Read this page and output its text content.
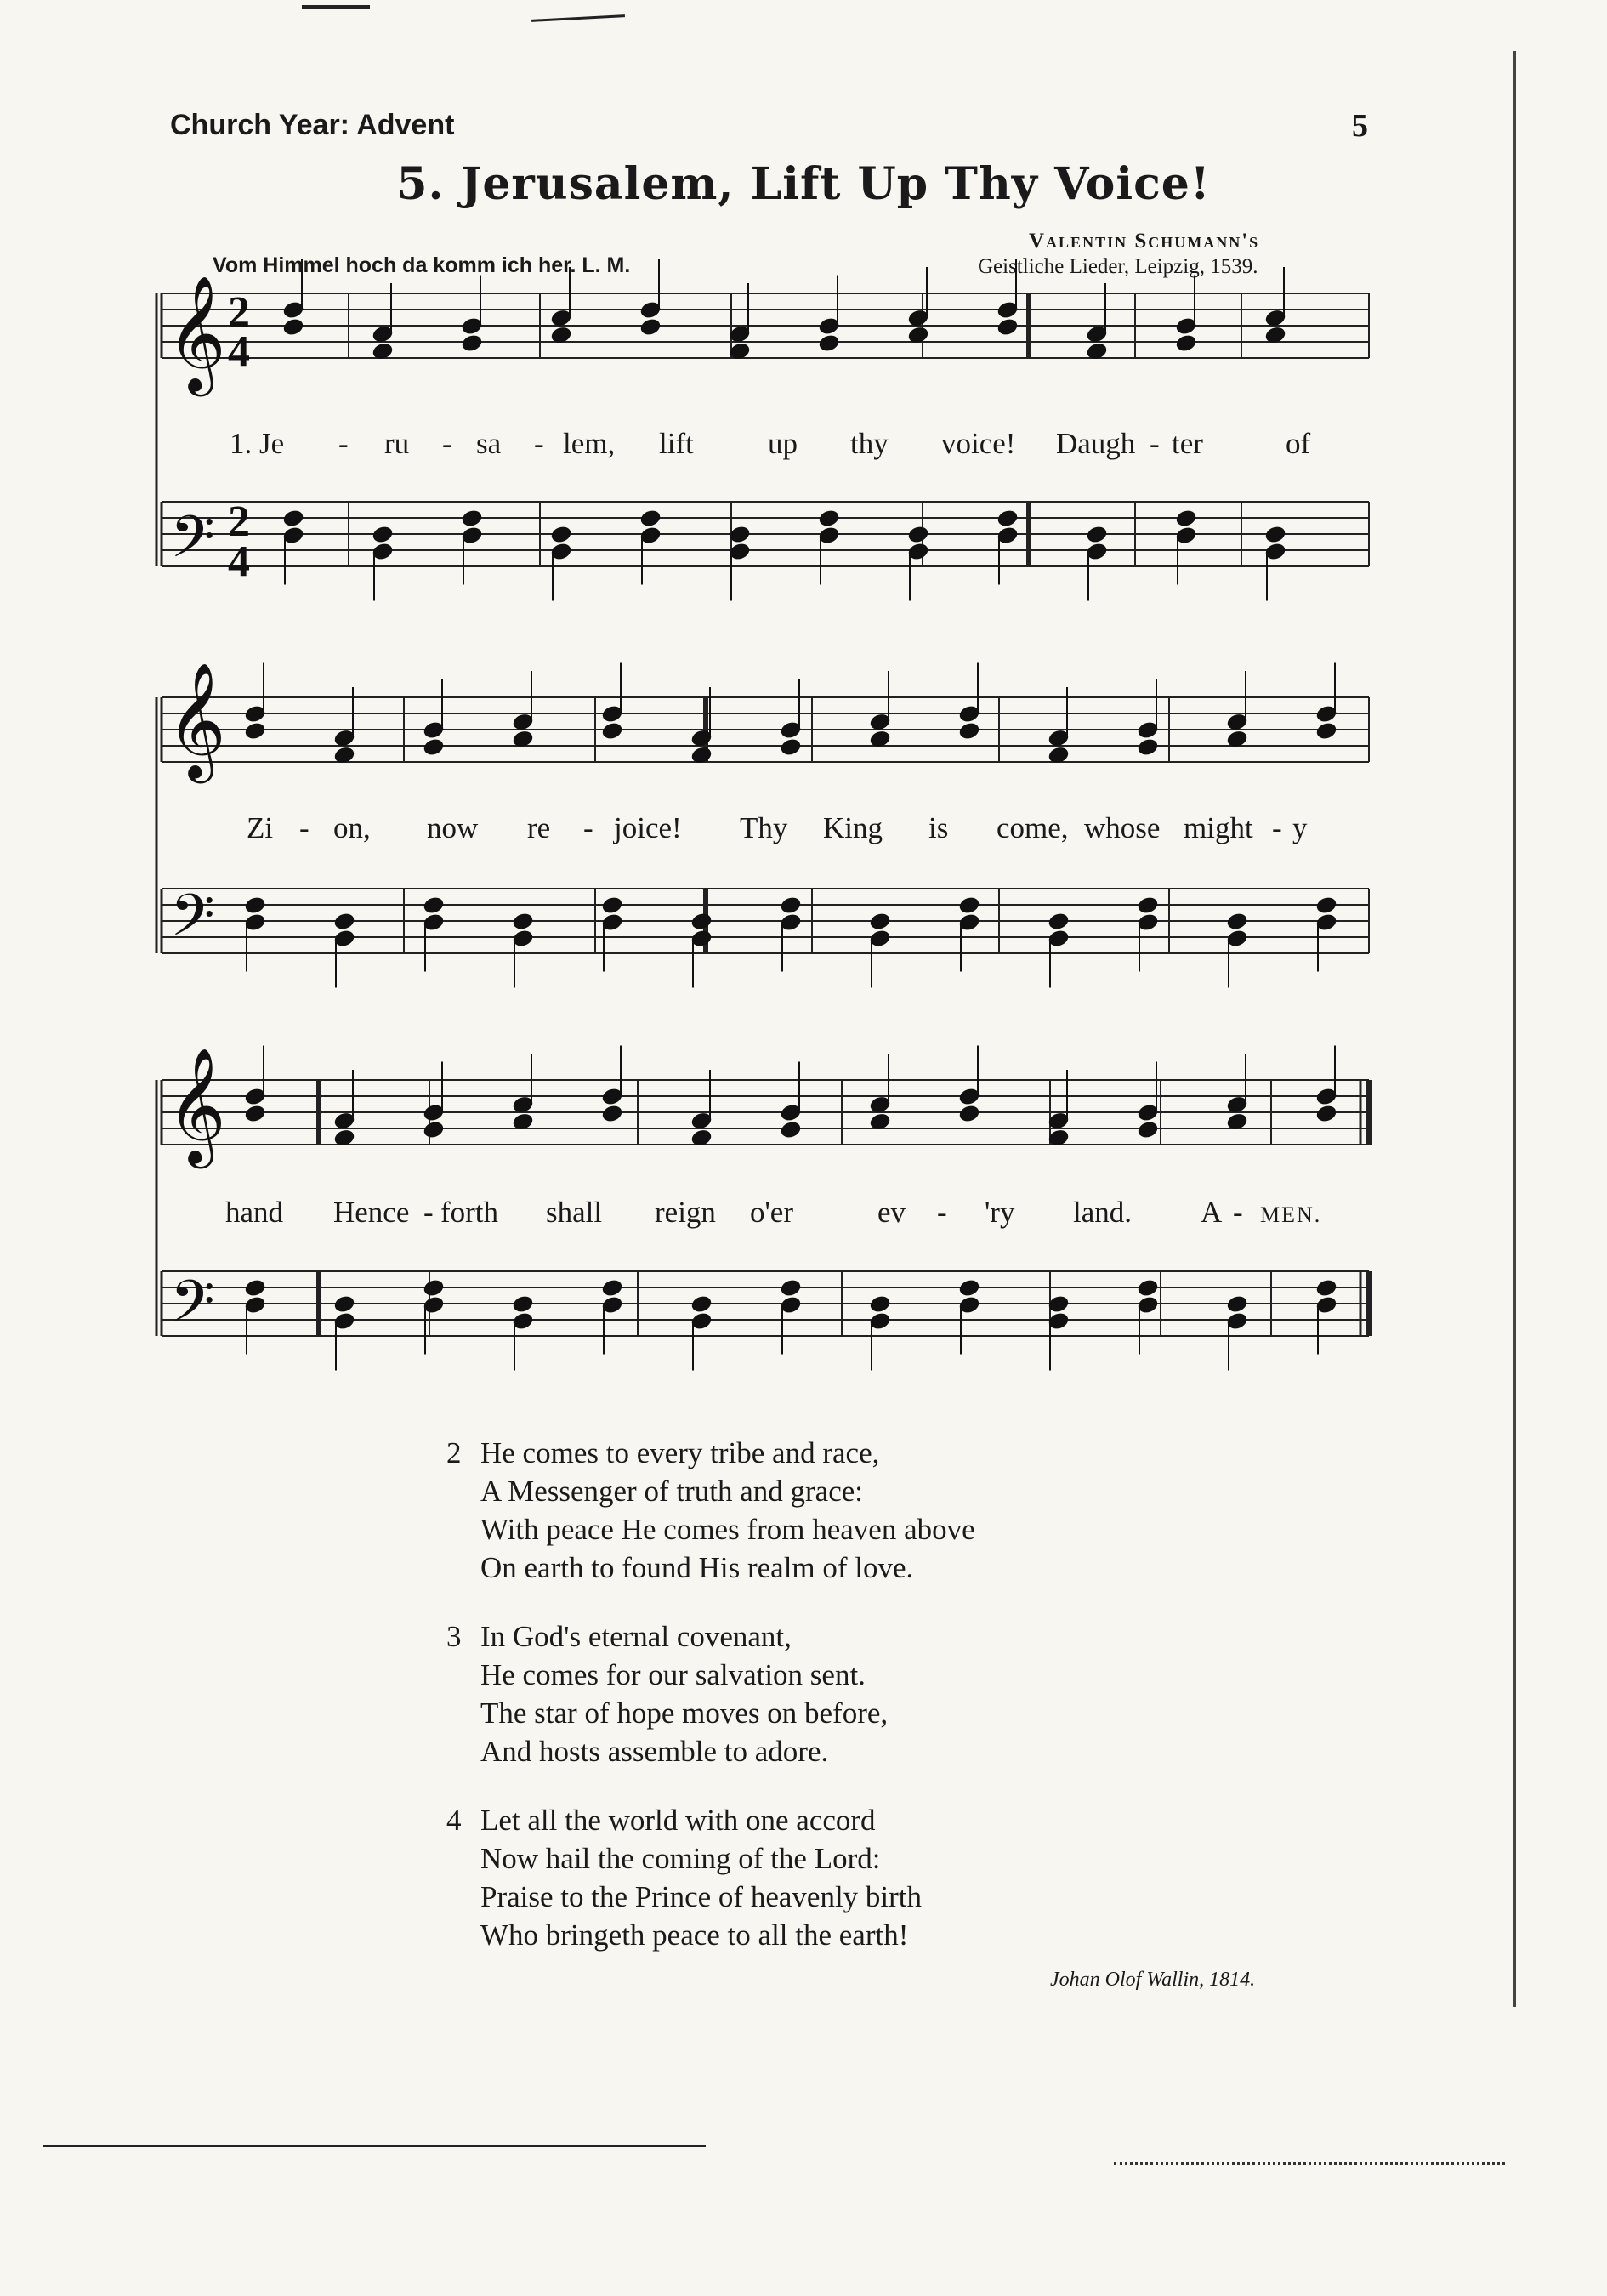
Church Year: Advent	5
5. Jerusalem, Lift Up Thy Voice!
Vom Himmel hoch da komm ich her. L. M.
Valentin Schumann's
Geistliche Lieder, Leipzig, 1539.
𝄞
𝄢
2
4
2
4
𝄞
𝄢
𝄞
𝄢
1. Je - ru - sa - lem, lift up thy voice! Daugh - ter	of
Zi - on, now re - joice! Thy King is come, whose might - y
hand Hence - forth shall reign o'er	ev - 'ry land. A - MEN.
2 He comes to every tribe and race,
A Messenger of truth and grace:
With peace He comes from heaven above
On earth to found His realm of love.
3 In God's eternal covenant,
He comes for our salvation sent.
The star of hope moves on before,
And hosts assemble to adore.
4 Let all the world with one accord
Now hail the coming of the Lord:
Praise to the Prince of heavenly birth
Who bringeth peace to all the earth!
Johan Olof Wallin, 1814.
